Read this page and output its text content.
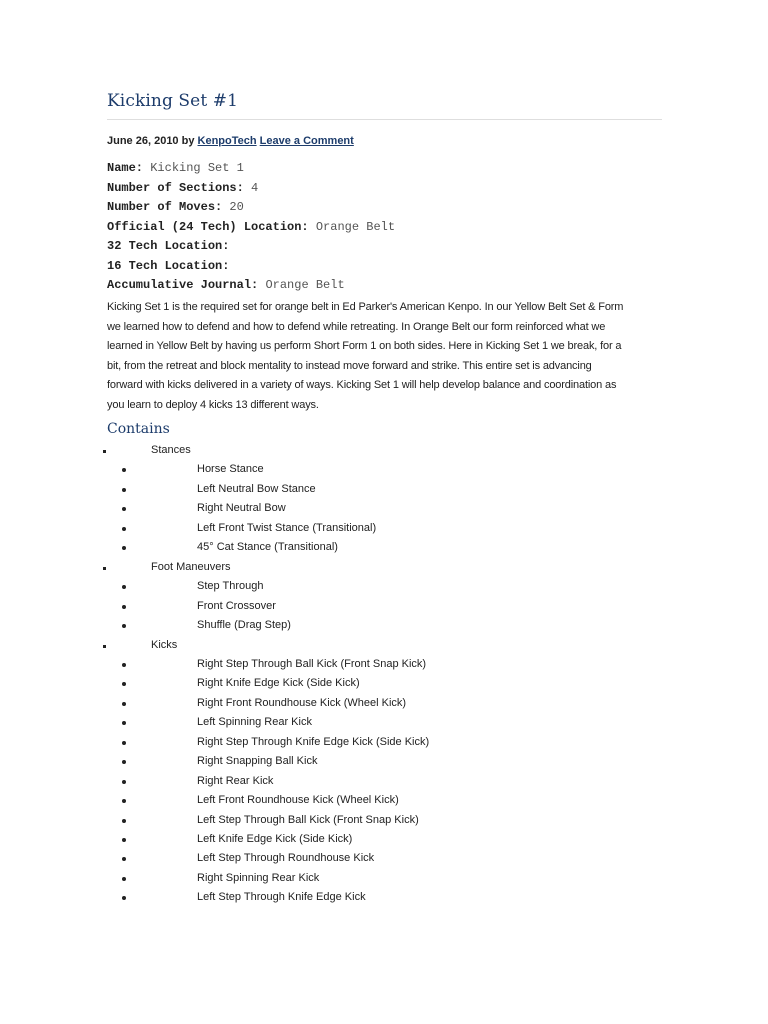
Kicking Set #1
June 26, 2010 by KenpoTech Leave a Comment
Name: Kicking Set 1
Number of Sections: 4
Number of Moves: 20
Official (24 Tech) Location: Orange Belt
32 Tech Location:
16 Tech Location:
Accumulative Journal: Orange Belt
Kicking Set 1 is the required set for orange belt in Ed Parker's American Kenpo. In our Yellow Belt Set & Form
we learned how to defend and how to defend while retreating. In Orange Belt our form reinforced what we
learned in Yellow Belt by having us perform Short Form 1 on both sides. Here in Kicking Set 1 we break, for a
bit, from the retreat and block mentality to instead move forward and strike. This entire set is advancing
forward with kicks delivered in a variety of ways. Kicking Set 1 will help develop balance and coordination as
you learn to deploy 4 kicks 13 different ways.
Contains
Stances
Horse Stance
Left Neutral Bow Stance
Right Neutral Bow
Left Front Twist Stance (Transitional)
45° Cat Stance (Transitional)
Foot Maneuvers
Step Through
Front Crossover
Shuffle (Drag Step)
Kicks
Right Step Through Ball Kick (Front Snap Kick)
Right Knife Edge Kick (Side Kick)
Right Front Roundhouse Kick (Wheel Kick)
Left Spinning Rear Kick
Right Step Through Knife Edge Kick (Side Kick)
Right Snapping Ball Kick
Right Rear Kick
Left Front Roundhouse Kick (Wheel Kick)
Left Step Through Ball Kick (Front Snap Kick)
Left Knife Edge Kick (Side Kick)
Left Step Through Roundhouse Kick
Right Spinning Rear Kick
Left Step Through Knife Edge Kick
